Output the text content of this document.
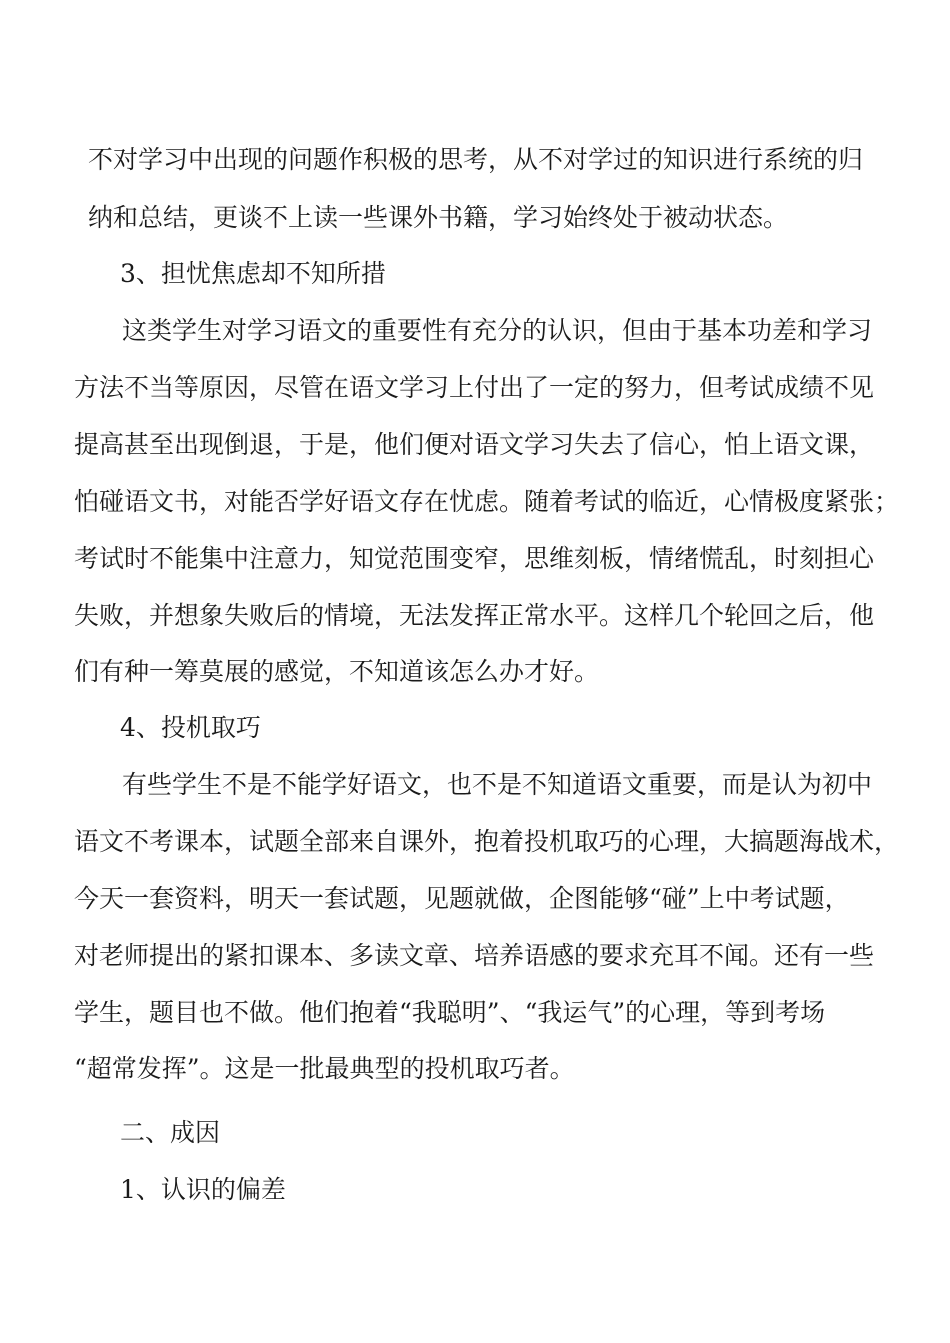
不对学习中出现的问题作积极的思考，从不对学过的知识进行系统的归
纳和总结，更谈不上读一些课外书籍，学习始终处于被动状态。
3、担忧焦虑却不知所措
这类学生对学习语文的重要性有充分的认识，但由于基本功差和学习
方法不当等原因，尽管在语文学习上付出了一定的努力，但考试成绩不见
提高甚至出现倒退，于是，他们便对语文学习失去了信心，怕上语文课，
怕碰语文书，对能否学好语文存在忧虑。随着考试的临近，心情极度紧张；
考试时不能集中注意力，知觉范围变窄，思维刻板，情绪慌乱，时刻担心
失败，并想象失败后的情境，无法发挥正常水平。这样几个轮回之后，他
们有种一筹莫展的感觉，不知道该怎么办才好。
4、投机取巧
有些学生不是不能学好语文，也不是不知道语文重要，而是认为初中
语文不考课本，试题全部来自课外，抱着投机取巧的心理，大搞题海战术，
今天一套资料，明天一套试题，见题就做，企图能够“碰”上中考试题，
对老师提出的紧扣课本、多读文章、培养语感的要求充耳不闻。还有一些
学生，题目也不做。他们抱着“我聪明”、“我运气”的心理，等到考场
“超常发挥”。这是一批最典型的投机取巧者。
二、成因
1、认识的偏差
